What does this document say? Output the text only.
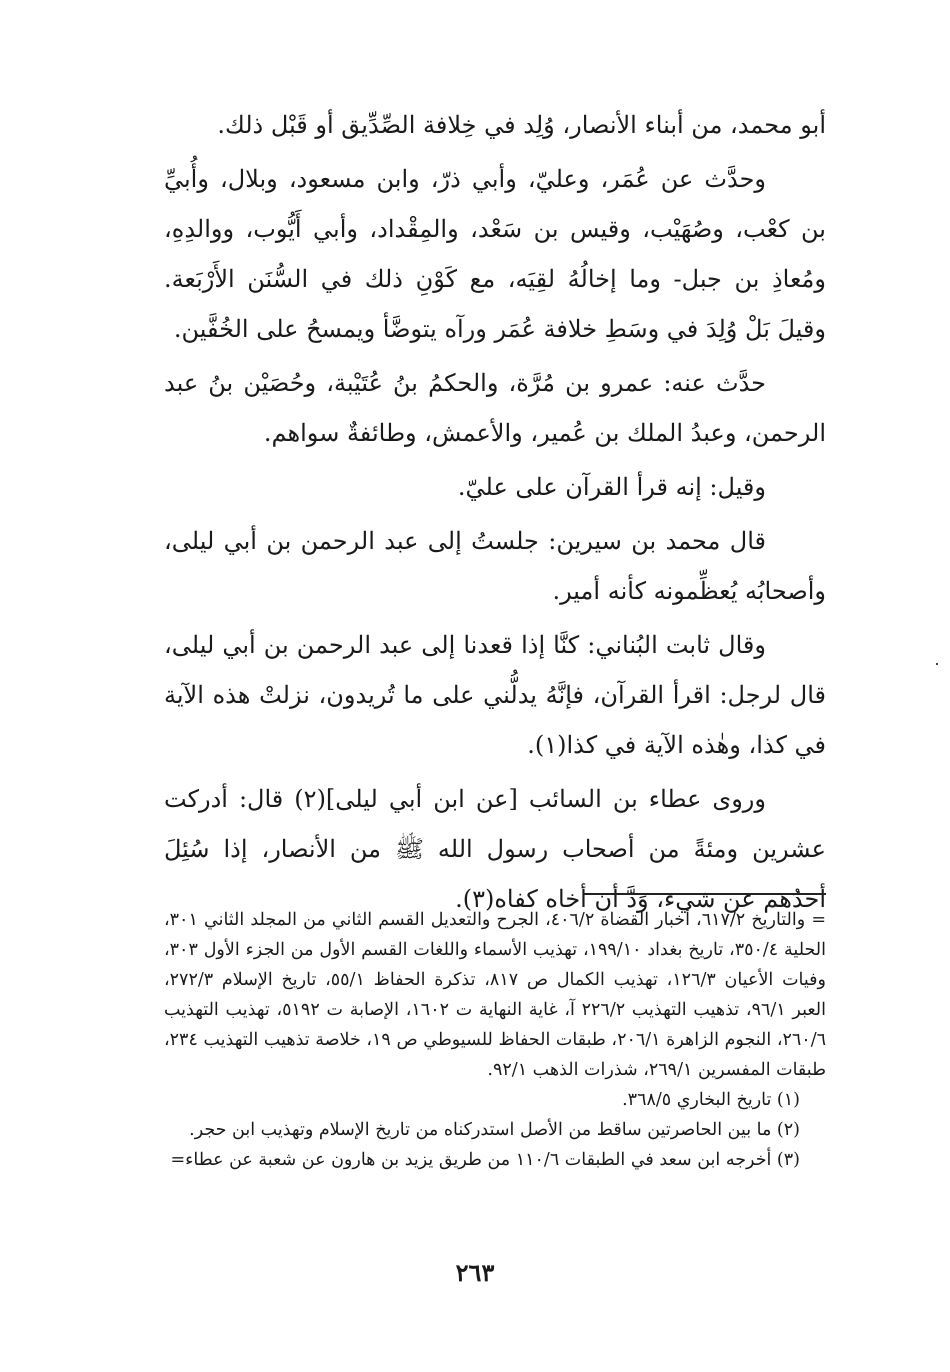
أبو محمد، من أبناء الأنصار، وُلِد في خِلافة الصِّدِّيق أو قَبْل ذلك.

وحدَّث عن عُمَر، وعليّ، وأبي ذرّ، وابن مسعود، وبلال، وأُبيِّ بن كعْب، وصُهَيْب، وقيس بن سَعْد، والمِقْداد، وأبي أَيُّوب، ووالدِهِ، ومُعاذِ بن جبل- وما إخالُهُ لقِيَه، مع كَوْنِ ذلك في السُّنَن الأَرْبَعة. وقيلَ بَلْ وُلِدَ في وسَطِ خلافة عُمَر ورآه يتوضَّأ ويمسحُ على الخُفَّين.

حدَّث عنه: عمرو بن مُرَّة، والحكمُ بنُ عُتَيْبة، وحُصَيْن بنُ عبد الرحمن، وعبدُ الملك بن عُمير، والأعمش، وطائفةٌ سواهم.

وقيل: إنه قرأ القرآن على عليّ.

قال محمد بن سيرين: جلستُ إلى عبد الرحمن بن أبي ليلى، وأصحابُه يُعظِّمونه كأنه أمير.

وقال ثابت البُناني: كنَّا إذا قعدنا إلى عبد الرحمن بن أبي ليلى، قال لرجل: اقرأ القرآن، فإنَّهُ يدلُّني على ما تُريدون، نزلتْ هذه الآية في كذا، وهٰذه الآية في كذا(١).

وروى عطاء بن السائب [عن ابن أبي ليلى](٢) قال: أدركت عشرين ومئةً من أصحاب رسول الله ﷺ من الأنصار، إذا سُئِلَ أحدُهم عن شيء، وَدَّ أن أخاه كفاه(٣).

= والتاريخ ٦١٧/٢، أخبار القضاة ٤٠٦/٢، الجرح والتعديل القسم الثاني من المجلد الثاني ٣٠١، الحلية ٣٥٠/٤، تاريخ بغداد ١٩٩/١٠، تهذيب الأسماء واللغات القسم الأول من الجزء الأول ٣٠٣، وفيات الأعيان ١٢٦/٣، تهذيب الكمال ص ٨١٧، تذكرة الحفاظ ٥٥/١، تاريخ الإسلام ٢٧٢/٣، العبر ٩٦/١، تذهيب التهذيب ٢٢٦/٢ آ، غاية النهاية ت ١٦٠٢، الإصابة ت ٥١٩٢، تهذيب التهذيب ٢٦٠/٦، النجوم الزاهرة ٢٠٦/١، طبقات الحفاظ للسيوطي ص ١٩، خلاصة تذهيب التهذيب ٢٣٤، طبقات المفسرين ٢٦٩/١، شذرات الذهب ٩٢/١.

(١) تاريخ البخاري ٣٦٨/٥.

(٢) ما بين الحاصرتين ساقط من الأصل استدركناه من تاريخ الإسلام وتهذيب ابن حجر.

(٣) أخرجه ابن سعد في الطبقات ١١٠/٦ من طريق يزيد بن هارون عن شعبة عن عطاء=

٢٦٣
